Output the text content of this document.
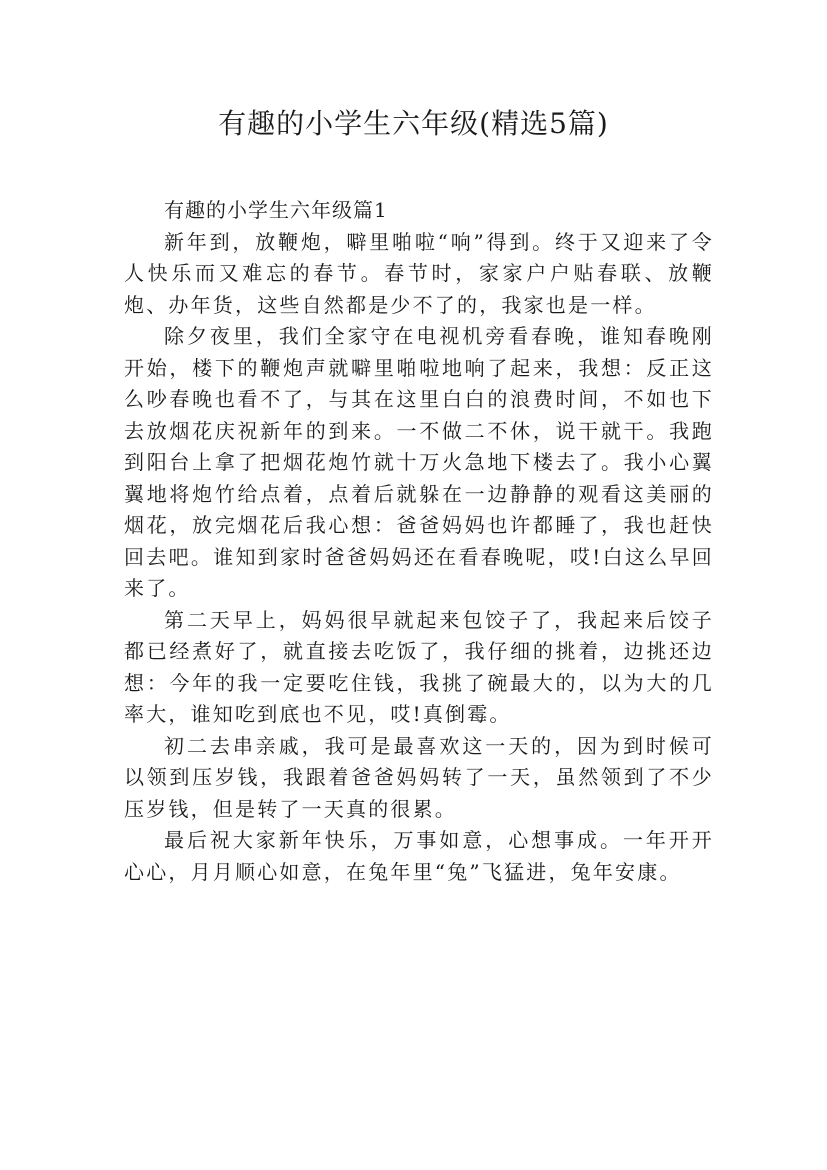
有趣的小学生六年级(精选5篇)

有趣的小学生六年级篇1

新年到，放鞭炮，噼里啪啦“响”得到。终于又迎来了令人快乐而又难忘的春节。春节时，家家户户贴春联、放鞭炮、办年货，这些自然都是少不了的，我家也是一样。

除夕夜里，我们全家守在电视机旁看春晚，谁知春晚刚开始，楼下的鞭炮声就噼里啪啦地响了起来，我想：反正这么吵春晚也看不了，与其在这里白白的浪费时间，不如也下去放烟花庆祝新年的到来。一不做二不休，说干就干。我跑到阳台上拿了把烟花炮竹就十万火急地下楼去了。我小心翼翼地将炮竹给点着，点着后就躲在一边静静的观看这美丽的烟花，放完烟花后我心想：爸爸妈妈也许都睡了，我也赶快回去吧。谁知到家时爸爸妈妈还在看春晚呢，哎!白这么早回来了。

第二天早上，妈妈很早就起来包饺子了，我起来后饺子都已经煮好了，就直接去吃饭了，我仔细的挑着，边挑还边想：今年的我一定要吃住钱，我挑了碗最大的，以为大的几率大，谁知吃到底也不见，哎!真倒霉。

初二去串亲戚，我可是最喜欢这一天的，因为到时候可以领到压岁钱，我跟着爸爸妈妈转了一天，虽然领到了不少压岁钱，但是转了一天真的很累。

最后祝大家新年快乐，万事如意，心想事成。一年开开心心，月月顺心如意，在兔年里“兔”飞猛进，兔年安康。
